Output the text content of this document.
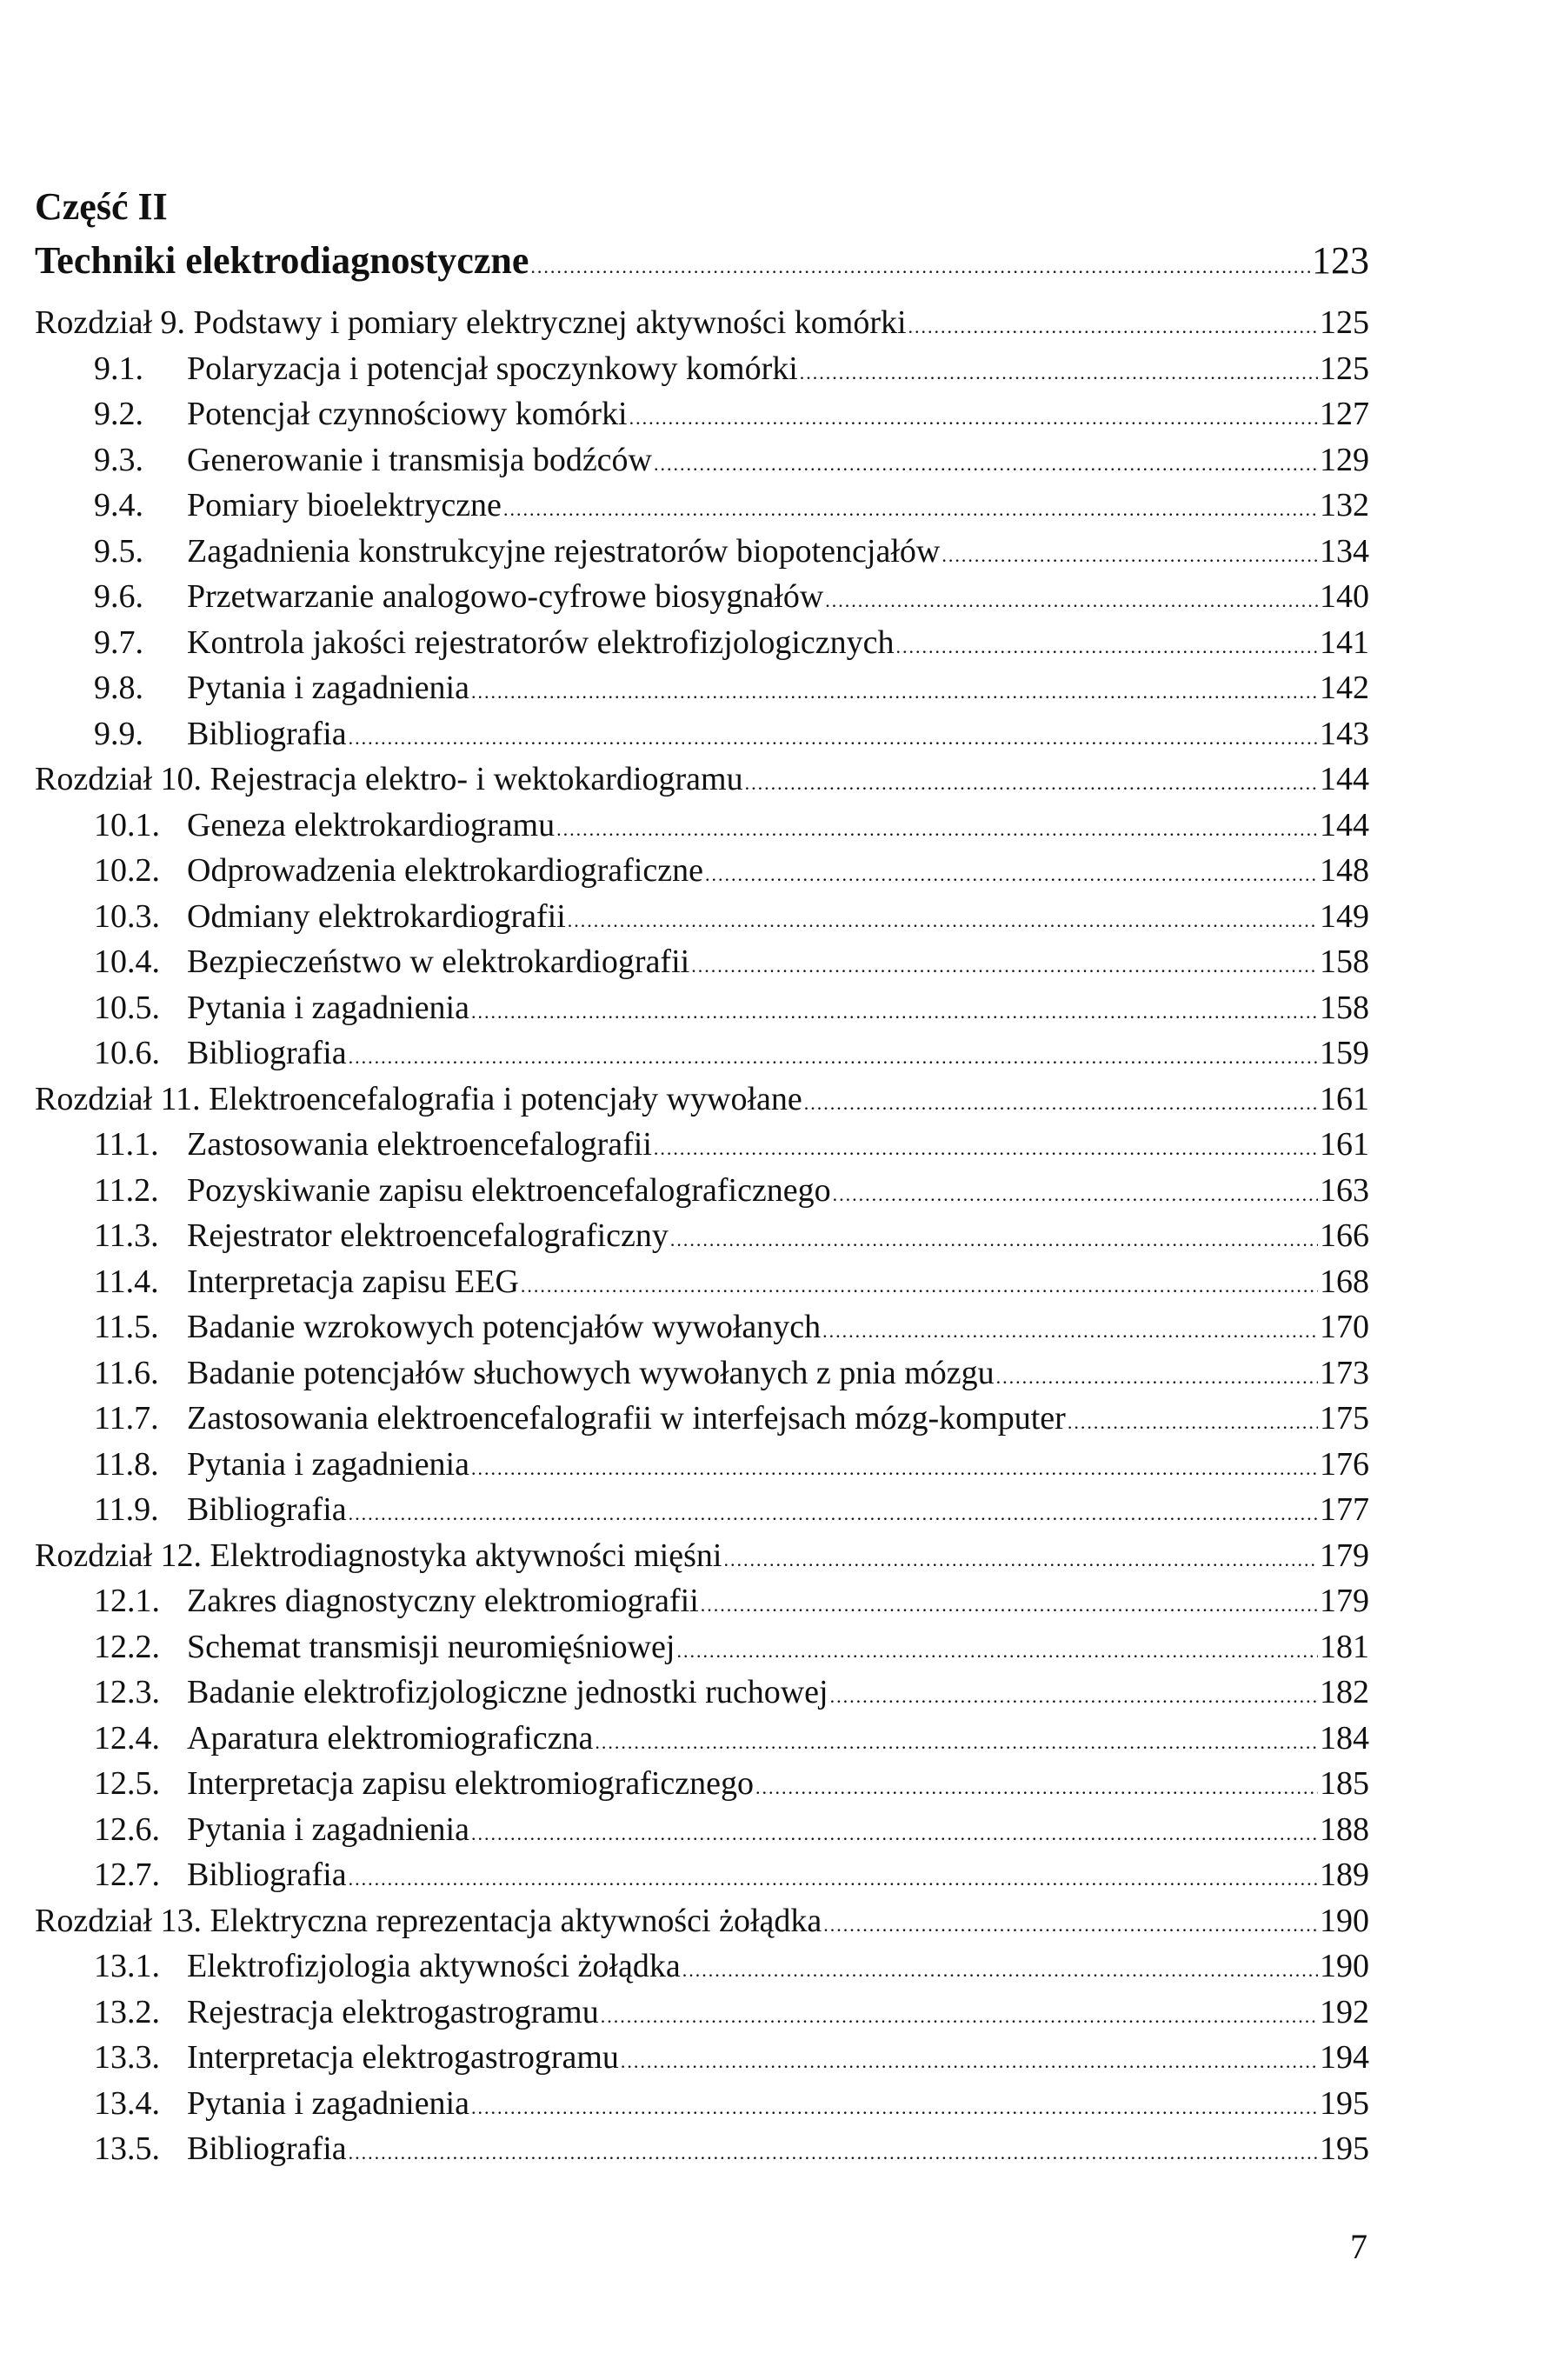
Część II
Techniki elektrodiagnostyczne .....	123
Rozdział 9. Podstawy i pomiary elektrycznej aktywności komórki .....	125
9.1.	Polaryzacja i potencjał spoczynkowy komórki .....	125
9.2.	Potencjał czynnościowy komórki .....	127
9.3.	Generowanie i transmisja bodźców .....	129
9.4.	Pomiary bioelektryczne .....	132
9.5.	Zagadnienia konstrukcyjne rejestratorów biopotencjałów .....	134
9.6.	Przetwarzanie analogowo-cyfrowe biosygnałów .....	140
9.7.	Kontrola jakości rejestratorów elektrofizjologicznych .....	141
9.8.	Pytania i zagadnienia .....	142
9.9.	Bibliografia .....	143
Rozdział 10. Rejestracja elektro- i wektokardiogramu .....	144
10.1. Geneza elektrokardiogramu .....	144
10.2. Odprowadzenia elektrokardiograficzne .....	148
10.3. Odmiany elektrokardiografii .....	149
10.4. Bezpieczeństwo w elektrokardiografii .....	158
10.5. Pytania i zagadnienia .....	158
10.6. Bibliografia .....	159
Rozdział 11. Elektroencefalografia i potencjały wywołane .....	161
11.1. Zastosowania elektroencefalografii .....	161
11.2. Pozyskiwanie zapisu elektroencefalograficznego .....	163
11.3. Rejestrator elektroencefalograficzny .....	166
11.4. Interpretacja zapisu EEG .....	168
11.5. Badanie wzrokowych potencjałów wywołanych .....	170
11.6. Badanie potencjałów słuchowych wywołanych z pnia mózgu .....	173
11.7. Zastosowania elektroencefalografii w interfejsach mózg-komputer .....	175
11.8. Pytania i zagadnienia .....	176
11.9. Bibliografia .....	177
Rozdział 12. Elektrodiagnostyka aktywności mięśni .....	179
12.1. Zakres diagnostyczny elektromiografii .....	179
12.2. Schemat transmisji neuromięśniowej .....	181
12.3. Badanie elektrofizjologiczne jednostki ruchowej .....	182
12.4. Aparatura elektromiograficzna .....	184
12.5. Interpretacja zapisu elektromiograficznego .....	185
12.6. Pytania i zagadnienia .....	188
12.7. Bibliografia .....	189
Rozdział 13. Elektryczna reprezentacja aktywności żołądka .....	190
13.1. Elektrofizjologia aktywności żołądka .....	190
13.2. Rejestracja elektrogastrogramu .....	192
13.3. Interpretacja elektrogastrogramu .....	194
13.4. Pytania i zagadnienia .....	195
13.5. Bibliografia .....	195
7
